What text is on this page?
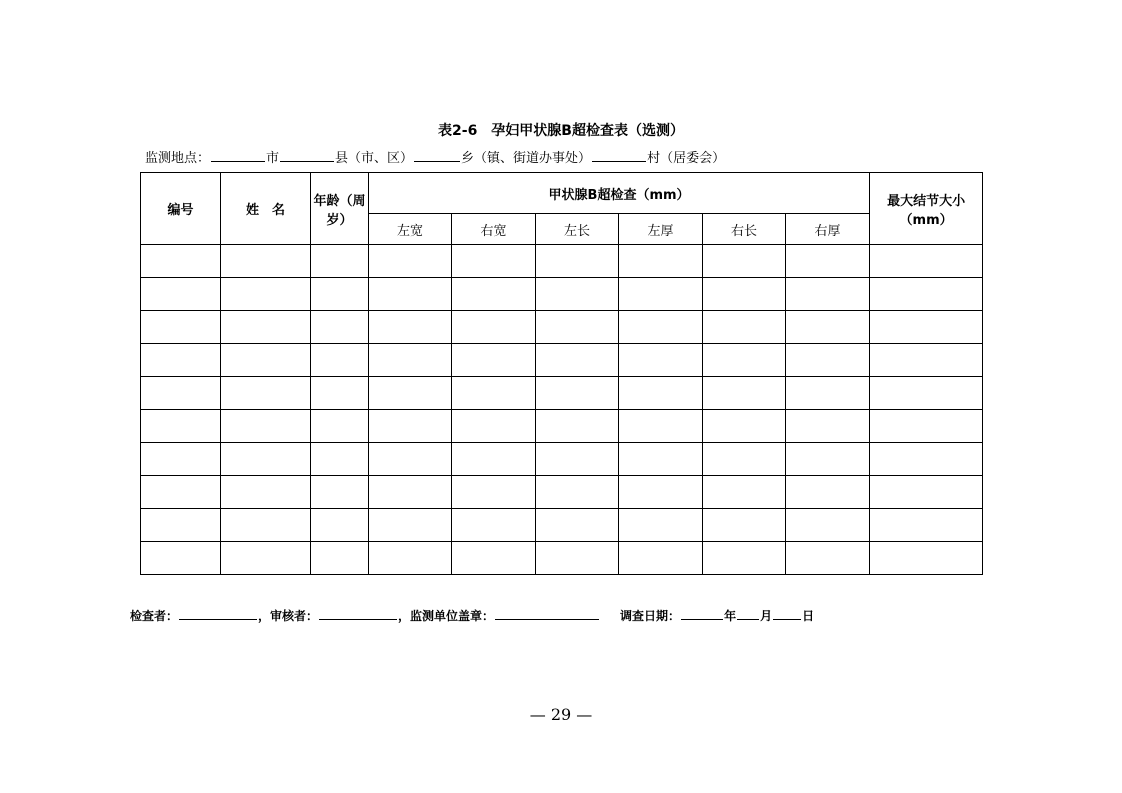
表2-6　孕妇甲状腺B超检查表（选测）
监测地点：	市	县（市、区）	乡（镇、街道办事处）	村（居委会）
编号	姓　名	年龄（周岁）	甲状腺B超检查（mm）						最大结节大小（mm）
			左宽	右宽	左长	左厚	右长	右厚	

检查者：	，审核者：	，监测单位盖章：	调查日期：	年 月	日
— 29 —
